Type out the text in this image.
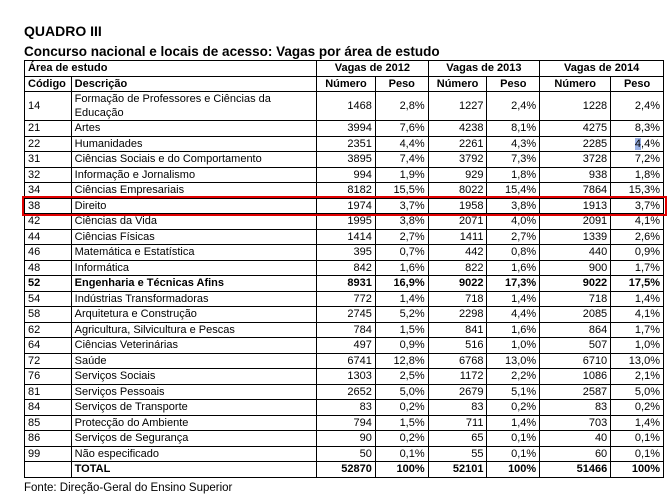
QUADRO III
Concurso nacional e locais de acesso: Vagas por área de estudo
Área de estudo		Vagas de 2012		Vagas de 2013		Vagas de 2014	
Código	Descrição	Número	Peso	Número	Peso	Número	Peso
14	Formação de Professores e Ciências da Educação	1468	2,8%	1227	2,4%	1228	2,4%
21	Artes	3994	7,6%	4238	8,1%	4275	8,3%
22	Humanidades	2351	4,4%	2261	4,3%	2285	4,4%
31	Ciências Sociais e do Comportamento	3895	7,4%	3792	7,3%	3728	7,2%
32	Informação e Jornalismo	994	1,9%	929	1,8%	938	1,8%
34	Ciências Empresariais	8182	15,5%	8022	15,4%	7864	15,3%
38	Direito	1974	3,7%	1958	3,8%	1913	3,7%
42	Ciências da Vida	1995	3,8%	2071	4,0%	2091	4,1%
44	Ciências Físicas	1414	2,7%	1411	2,7%	1339	2,6%
46	Matemática e Estatística	395	0,7%	442	0,8%	440	0,9%
48	Informática	842	1,6%	822	1,6%	900	1,7%
52	Engenharia e Técnicas Afins	8931	16,9%	9022	17,3%	9022	17,5%
54	Indústrias Transformadoras	772	1,4%	718	1,4%	718	1,4%
58	Arquitetura e Construção	2745	5,2%	2298	4,4%	2085	4,1%
62	Agricultura, Silvicultura e Pescas	784	1,5%	841	1,6%	864	1,7%
64	Ciências Veterinárias	497	0,9%	516	1,0%	507	1,0%
72	Saúde	6741	12,8%	6768	13,0%	6710	13,0%
76	Serviços Sociais	1303	2,5%	1172	2,2%	1086	2,1%
81	Serviços Pessoais	2652	5,0%	2679	5,1%	2587	5,0%
84	Serviços de Transporte	83	0,2%	83	0,2%	83	0,2%
85	Protecção do Ambiente	794	1,5%	711	1,4%	703	1,4%
86	Serviços de Segurança	90	0,2%	65	0,1%	40	0,1%
99	Não especificado	50	0,1%	55	0,1%	60	0,1%
	TOTAL	52870	100%	52101	100%	51466	100%
Fonte: Direção-Geral do Ensino Superior
